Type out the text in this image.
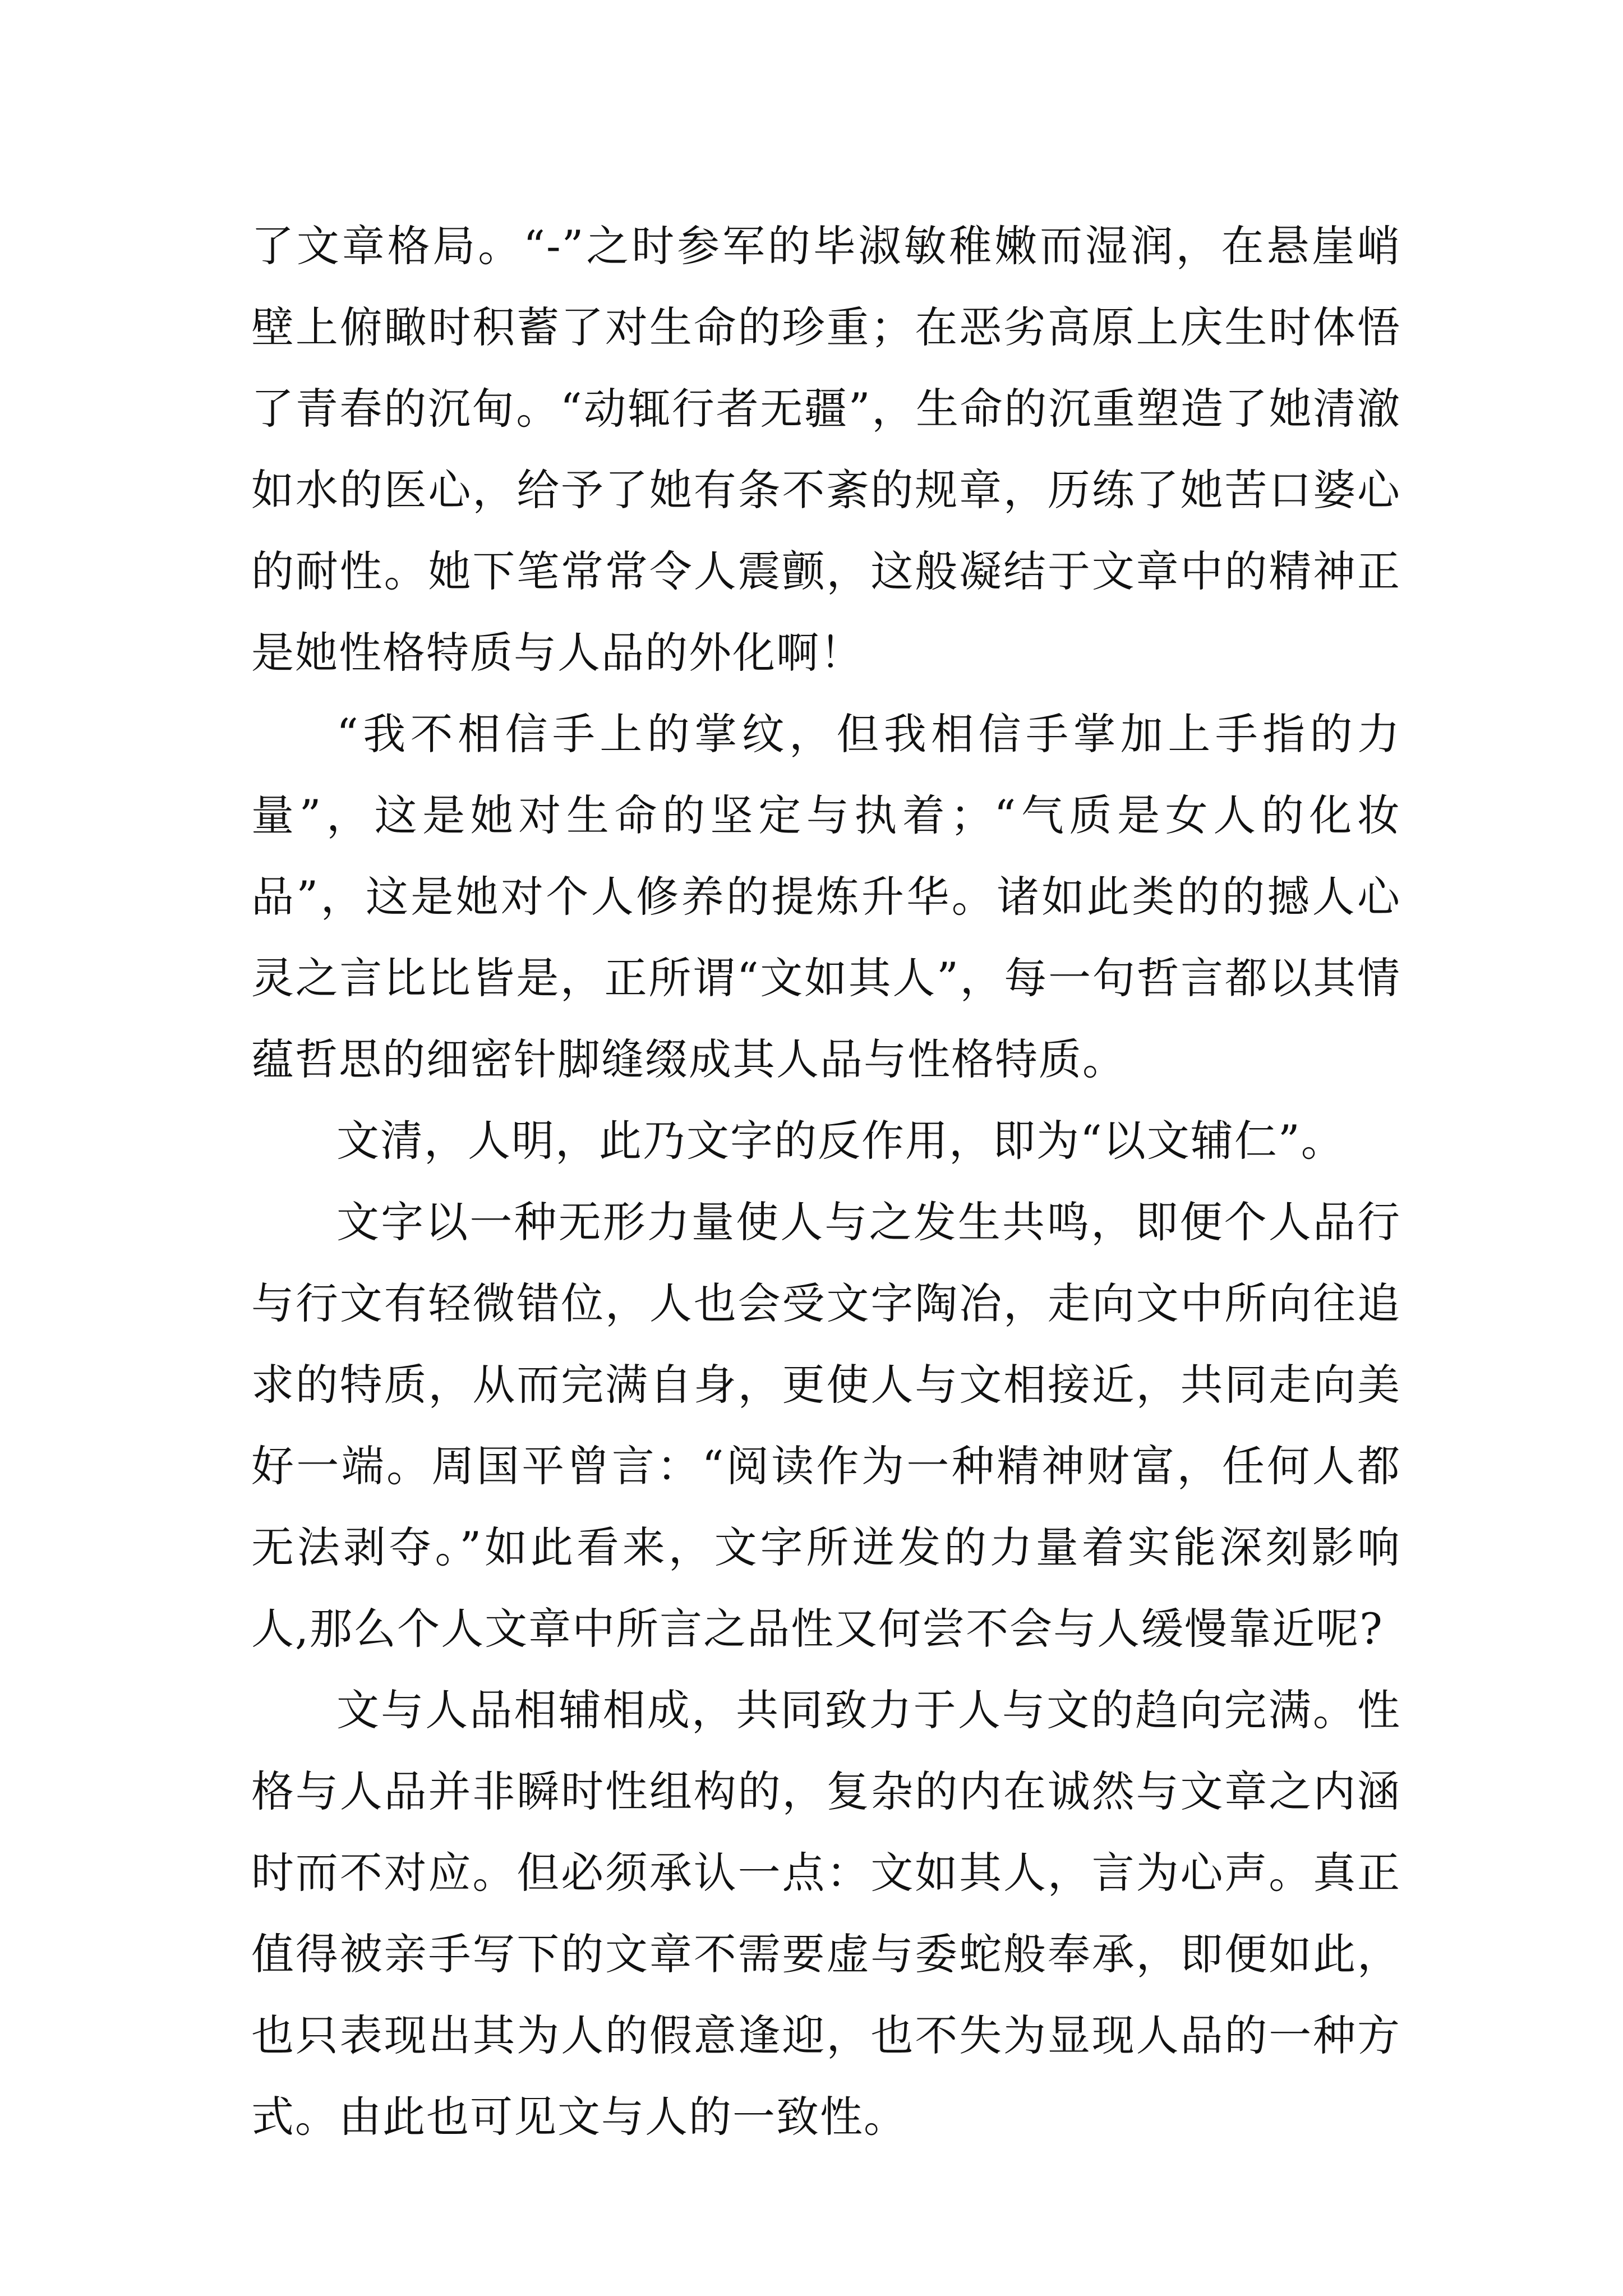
了文章格局。“-”之时参军的毕淑敏稚嫩而湿润，在悬崖峭壁上俯瞰时积蓄了对生命的珍重；在恶劣高原上庆生时体悟了青春的沉甸。“动辄行者无疆”，生命的沉重塑造了她清澈如水的医心，给予了她有条不紊的规章，历练了她苦口婆心的耐性。她下笔常常令人震颤，这般凝结于文章中的精神正是她性格特质与人品的外化啊！

“我不相信手上的掌纹，但我相信手掌加上手指的力量”，这是她对生命的坚定与执着；“气质是女人的化妆品”，这是她对个人修养的提炼升华。诸如此类的的撼人心灵之言比比皆是，正所谓“文如其人”，每一句哲言都以其情蕴哲思的细密针脚缝缀成其人品与性格特质。

文清，人明，此乃文字的反作用，即为“以文辅仁”。

文字以一种无形力量使人与之发生共鸣，即便个人品行与行文有轻微错位，人也会受文字陶冶，走向文中所向往追求的特质，从而完满自身，更使人与文相接近，共同走向美好一端。周国平曾言：“阅读作为一种精神财富，任何人都无法剥夺。”如此看来，文字所迸发的力量着实能深刻影响人,那么个人文章中所言之品性又何尝不会与人缓慢靠近呢?

文与人品相辅相成，共同致力于人与文的趋向完满。性格与人品并非瞬时性组构的，复杂的内在诚然与文章之内涵时而不对应。但必须承认一点：文如其人，言为心声。真正值得被亲手写下的文章不需要虚与委蛇般奉承，即便如此，也只表现出其为人的假意逢迎，也不失为显现人品的一种方式。由此也可见文与人的一致性。
